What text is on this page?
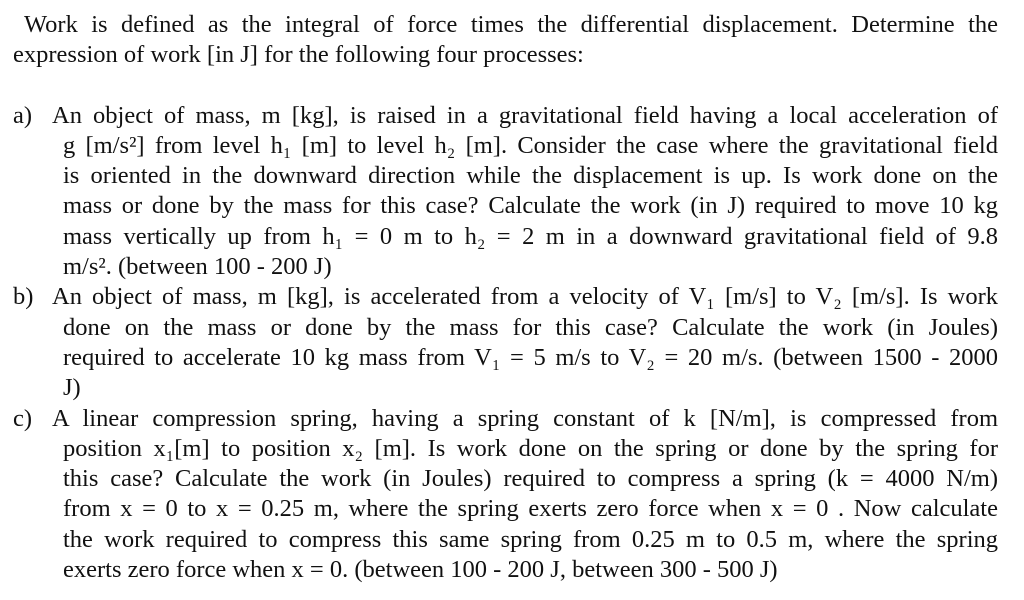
Work is defined as the integral of force times the differential displacement. Determine the
expression of work [in J] for the following four processes:
a) An object of mass, m [kg], is raised in a gravitational field having a local acceleration of
g [m/s²] from level h₁ [m] to level h₂ [m]. Consider the case where the gravitational field
is oriented in the downward direction while the displacement is up. Is work done on the
mass or done by the mass for this case? Calculate the work (in J) required to move 10 kg
mass vertically up from h₁ = 0 m to h₂ = 2 m in a downward gravitational field of 9.8
m/s². (between 100 - 200 J)
b) An object of mass, m [kg], is accelerated from a velocity of V₁ [m/s] to V₂ [m/s]. Is work
done on the mass or done by the mass for this case? Calculate the work (in Joules)
required to accelerate 10 kg mass from V₁ = 5 m/s to V₂ = 20 m/s. (between 1500 - 2000
J)
c) A linear compression spring, having a spring constant of k [N/m], is compressed from
position x₁[m] to position x₂ [m]. Is work done on the spring or done by the spring for
this case? Calculate the work (in Joules) required to compress a spring (k = 4000 N/m)
from x = 0 to x = 0.25 m, where the spring exerts zero force when x = 0 . Now calculate
the work required to compress this same spring from 0.25 m to 0.5 m, where the spring
exerts zero force when x = 0. (between 100 - 200 J, between 300 - 500 J)
